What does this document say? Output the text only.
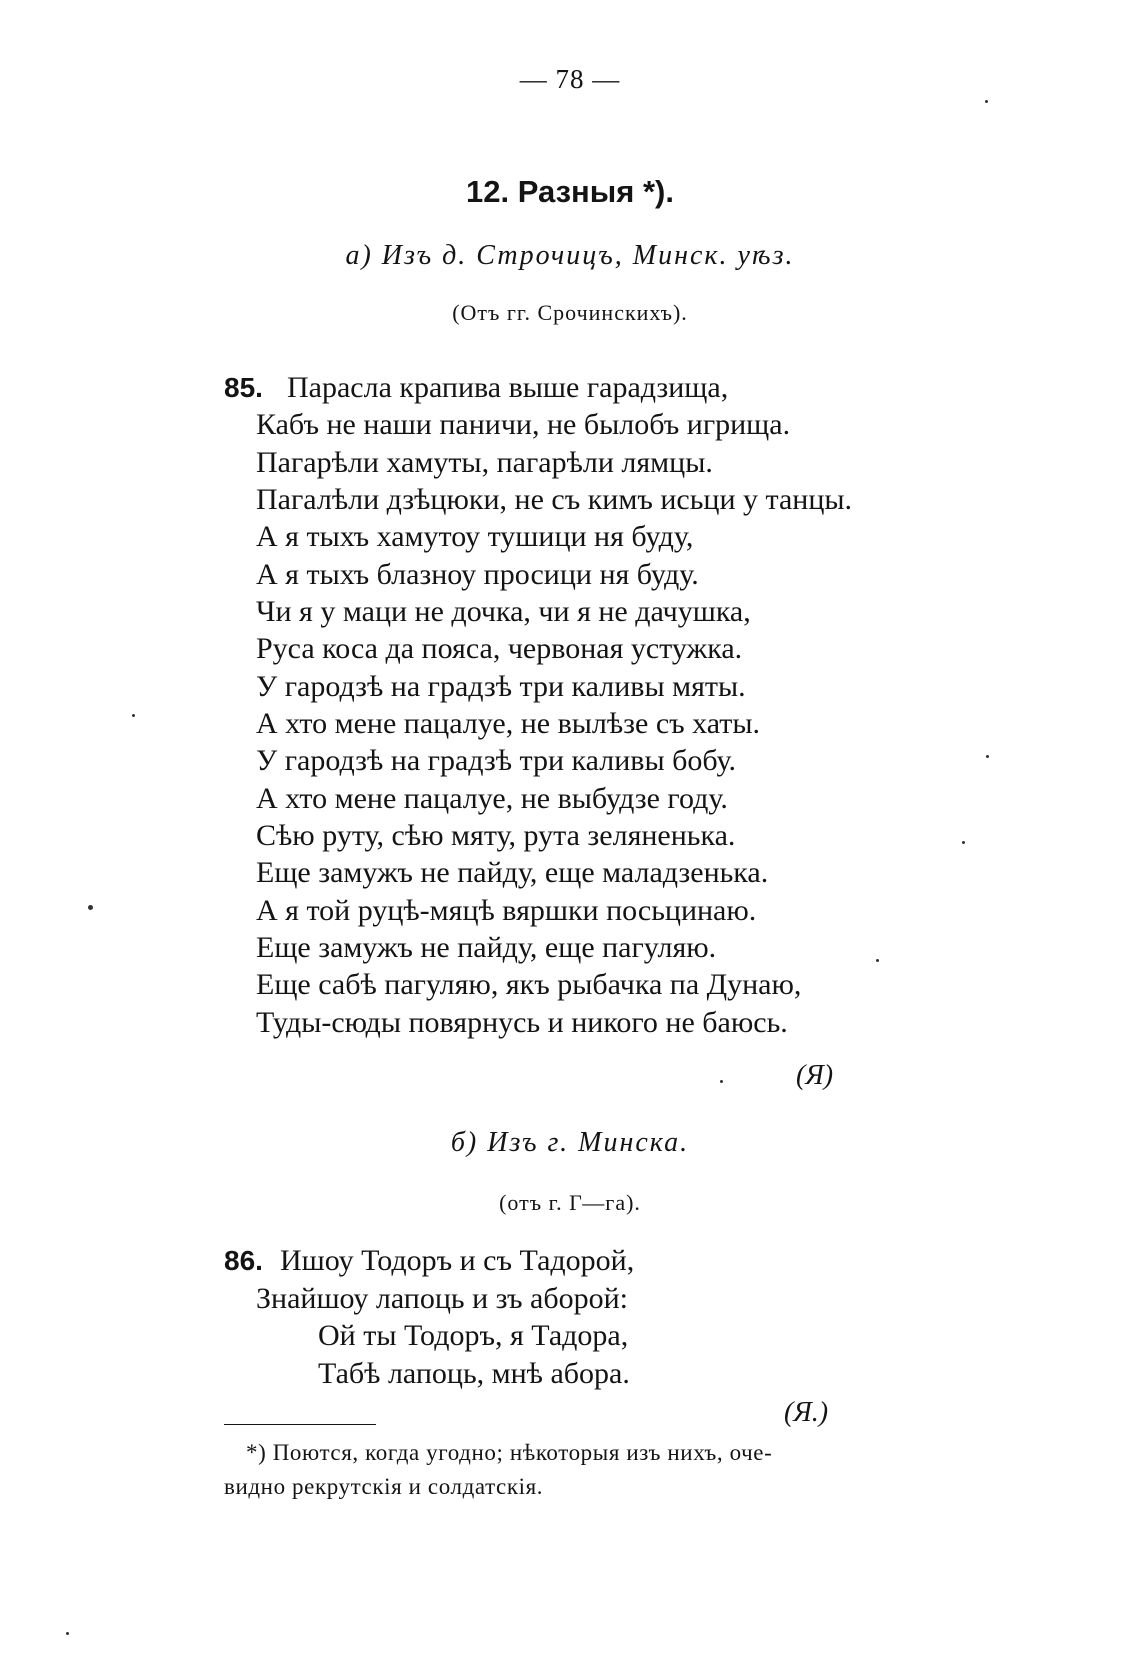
— 78 —
12. Разныя *).
а) Изъ д. Строчицъ, Минск. уѣз.
(Отъ гг. Срочинскихъ).
85. Парасла крапива выше гарадзища,
Кабъ не наши паничи, не былобъ игрища.
Пагарѣли хамуты, пагарѣли лямцы.
Пагалѣли дзѣцюки, не съ кимъ исьци у танцы.
А я тыхъ хамутоу тушици ня буду,
А я тыхъ блазноу просици ня буду.
Чи я у маци не дочка, чи я не дачушка,
Руса коса да пояса, червоная устужка.
У гародзѣ на градзѣ три каливы мяты.
А хто мене пацалуе, не вылѣзе съ хаты.
У гародзѣ на градзѣ три каливы бобу.
А хто мене пацалуе, не выбудзе году.
Сѣю руту, сѣю мяту, рута зеляненька.
Еще замужъ не пайду, еще маладзенька.
А я той руцѣ-мяцѣ вяршки посьцинаю.
Еще замужъ не пайду, еще пагуляю.
Еще сабѣ пагуляю, якъ рыбачка па Дунаю,
Туды-сюды повярнусь и никого не баюсь.
(Я)
б) Изъ г. Минска.
(отъ г. Г—га).
86. Ишоу Тодоръ и съ Тадорой,
Знайшоу лапоць и зъ аборой:
Ой ты Тодоръ, я Тадора,
Табѣ лапоць, мнѣ абора.
(Я.)
*) Поются, когда угодно; нѣкоторыя изъ нихъ, оче-
видно рекрутскія и солдатскія.
